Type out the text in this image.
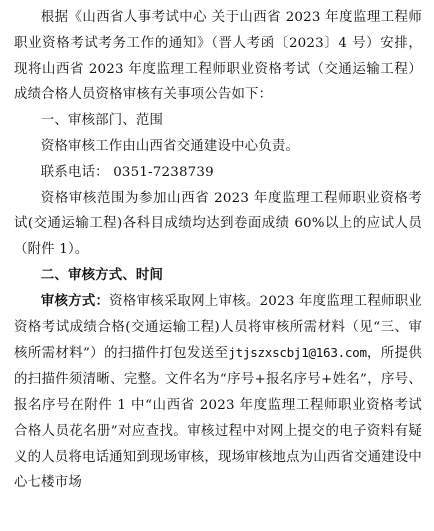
根据《山西省人事考试中心 关于山西省 2023 年度监理工程师职业资格考试考务工作的通知》（晋人考函〔2023〕4 号）安排，现将山西省 2023 年度监理工程师职业资格考试（交通运输工程）成绩合格人员资格审核有关事项公告如下：

一、审核部门、范围

资格审核工作由山西省交通建设中心负责。

联系电话： 0351-7238739

资格审核范围为参加山西省 2023 年度监理工程师职业资格考试(交通运输工程)各科目成绩均达到卷面成绩 60%以上的应试人员（附件 1）。

二、审核方式、时间

审核方式：资格审核采取网上审核。2023 年度监理工程师职业资格考试成绩合格(交通运输工程)人员将审核所需材料（见“三、审核所需材料”）的扫描件打包发送至jtjszxscbj1@163.com，所提供的扫描件须清晰、完整。文件名为“序号+报名序号+姓名”，序号、报名序号在附件 1 中“山西省 2023 年度监理工程师职业资格考试合格人员花名册”对应查找。审核过程中对网上提交的电子资料有疑义的人员将电话通知到现场审核，现场审核地点为山西省交通建设中心七楼市场
